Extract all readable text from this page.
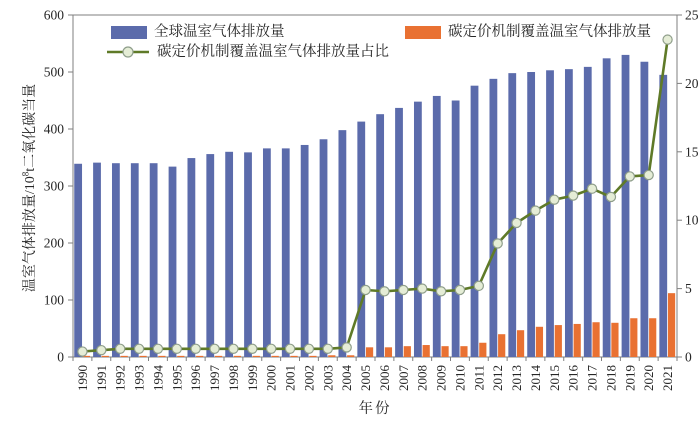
0
100
200
300
400
500
600
0
5
10
15
20
25
1990 1991 1992 1993 1994 1995 1996 1997 1998 1999 2000 2001 2002 2003 2004 2005 2006 2007 2008 2009 2010 2011 2012 2013 2014 2015 2016 2017 2018 2019 2020 2021
温室气体排放量$/10^8t$二氧化碳当量
年份
全球温室气体排放量	碳定价机制覆盖温室气体排放量
碳定价机制覆盖温室气体排放量占比
